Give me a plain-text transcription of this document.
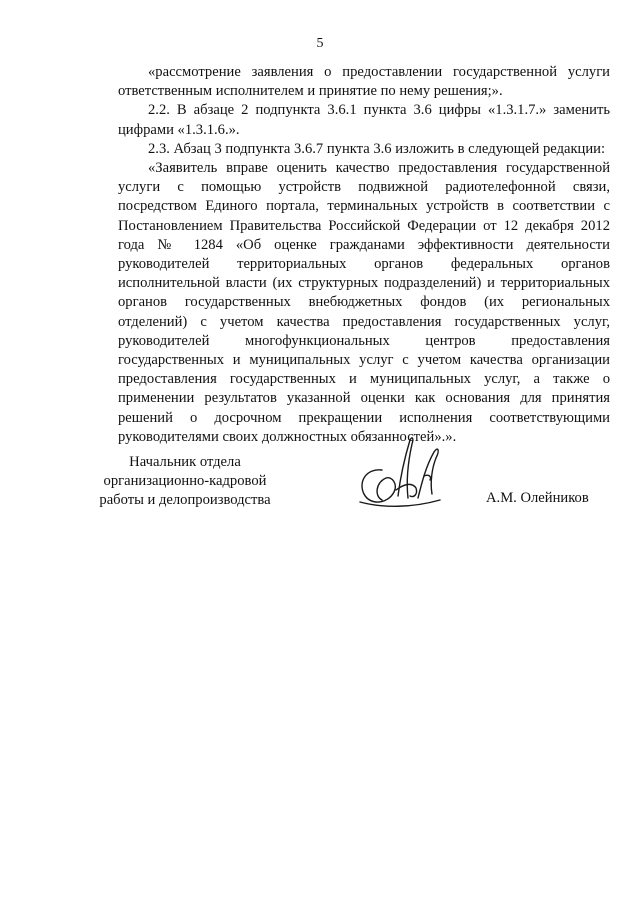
5

«рассмотрение заявления о предоставлении государственной услуги ответственным исполнителем и принятие по нему решения;».

2.2. В абзаце 2 подпункта 3.6.1 пункта 3.6 цифры «1.3.1.7.» заменить цифрами «1.3.1.6.».

2.3. Абзац 3 подпункта 3.6.7 пункта 3.6 изложить в следующей редакции:

«Заявитель вправе оценить качество предоставления государственной услуги с помощью устройств подвижной радиотелефонной связи, посредством Единого портала, терминальных устройств в соответствии с Постановлением Правительства Российской Федерации от 12 декабря 2012 года № 1284 «Об оценке гражданами эффективности деятельности руководителей территориальных органов федеральных органов исполнительной власти (их структурных подразделений) и территориальных органов государственных внебюджетных фондов (их региональных отделений) с учетом качества предоставления государственных услуг, руководителей многофункциональных центров предоставления государственных и муниципальных услуг с учетом качества организации предоставления государственных и муниципальных услуг, а также о применении результатов указанной оценки как основания для принятия решений о досрочном прекращении исполнения соответствующими руководителями своих должностных обязанностей».».

Начальник отдела
организационно-кадровой
работы и делопроизводства	А.М. Олейников
